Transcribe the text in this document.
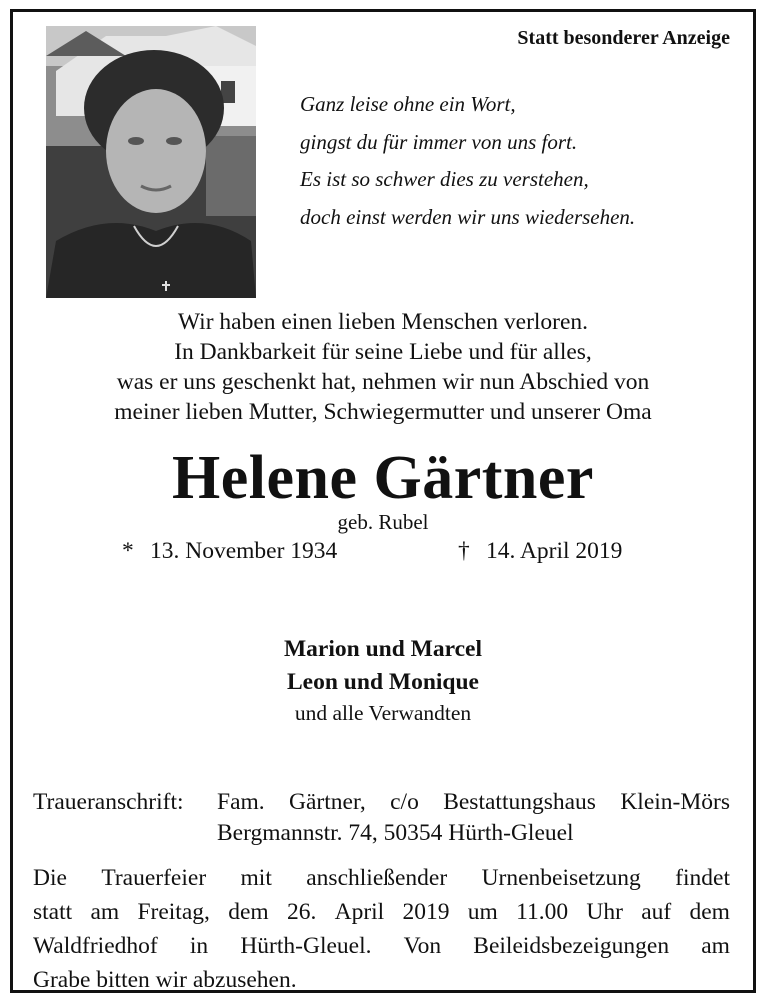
Statt besonderer Anzeige
Ganz leise ohne ein Wort,
gingst du für immer von uns fort.
Es ist so schwer dies zu verstehen,
doch einst werden wir uns wiedersehen.
Wir haben einen lieben Menschen verloren.
In Dankbarkeit für seine Liebe und für alles,
was er uns geschenkt hat, nehmen wir nun Abschied von
meiner lieben Mutter, Schwiegermutter und unserer Oma
Helene Gärtner
geb. Rubel
* 13. November 1934	† 14. April 2019
Marion und Marcel
Leon und Monique
und alle Verwandten
Traueranschrift:	Fam. Gärtner, c/o Bestattungshaus Klein-Mörs
Bergmannstr. 74, 50354 Hürth-Gleuel
Die Trauerfeier mit anschließender Urnenbeisetzung findet
statt am Freitag, dem 26. April 2019 um 11.00 Uhr auf dem
Waldfriedhof in Hürth-Gleuel. Von Beileidsbezeigungen am
Grabe bitten wir abzusehen.
